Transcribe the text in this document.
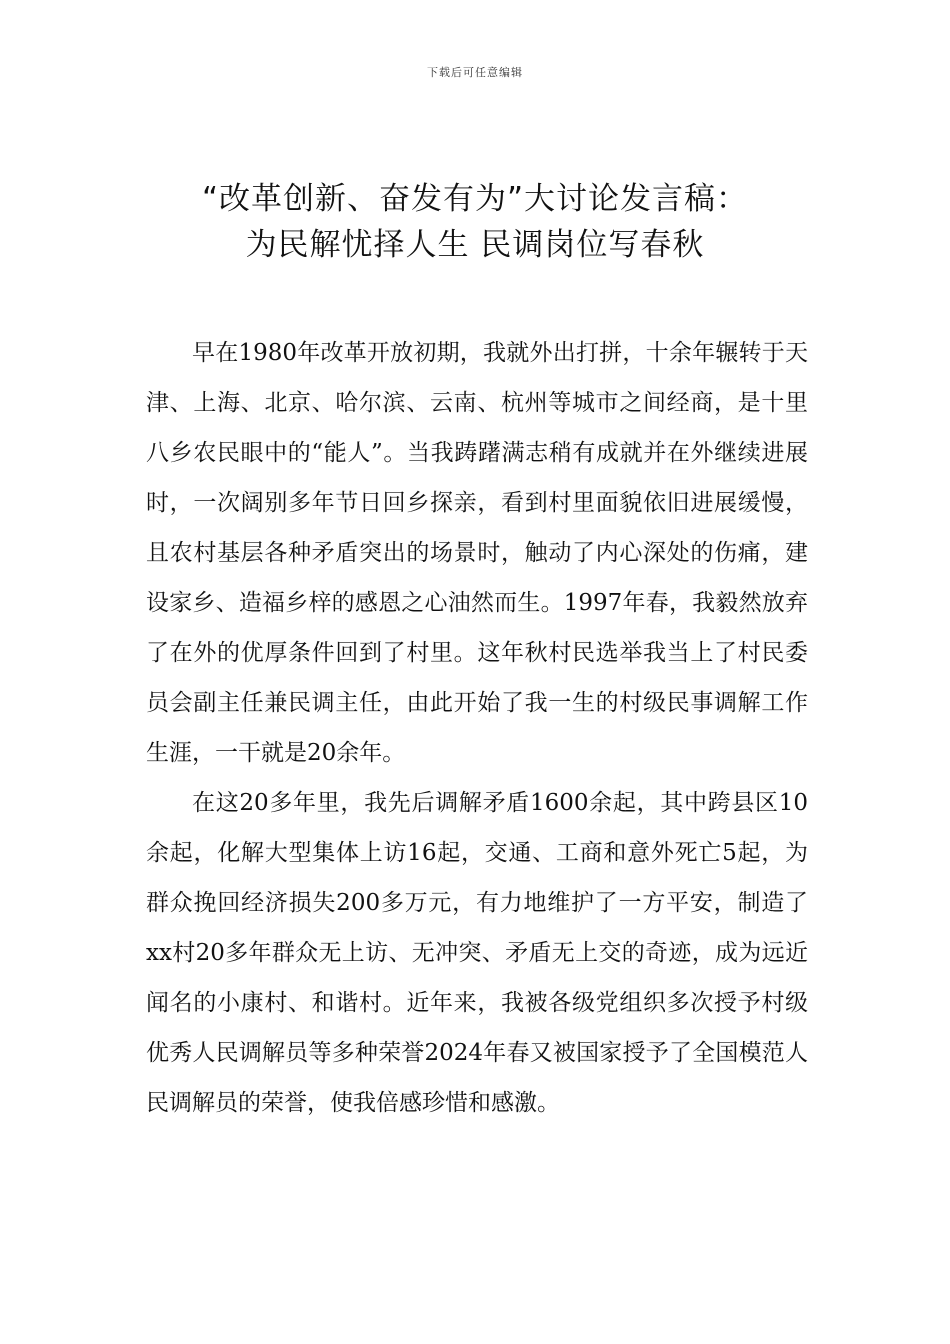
下载后可任意编辑
“改革创新、奋发有为”大讨论发言稿：
为民解忧择人生 民调岗位写春秋

早在1980年改革开放初期，我就外出打拼，十余年辗转于天津、上海、北京、哈尔滨、云南、杭州等城市之间经商，是十里八乡农民眼中的“能人”。当我踌躇满志稍有成就并在外继续进展时，一次阔别多年节日回乡探亲，看到村里面貌依旧进展缓慢，且农村基层各种矛盾突出的场景时，触动了内心深处的伤痛，建设家乡、造福乡梓的感恩之心油然而生。1997年春，我毅然放弃了在外的优厚条件回到了村里。这年秋村民选举我当上了村民委员会副主任兼民调主任，由此开始了我一生的村级民事调解工作生涯，一干就是20余年。

在这20多年里，我先后调解矛盾1600余起，其中跨县区10余起，化解大型集体上访16起，交通、工商和意外死亡5起，为群众挽回经济损失200多万元，有力地维护了一方平安，制造了xx村20多年群众无上访、无冲突、矛盾无上交的奇迹，成为远近闻名的小康村、和谐村。近年来，我被各级党组织多次授予村级优秀人民调解员等多种荣誉2024年春又被国家授予了全国模范人民调解员的荣誉，使我倍感珍惜和感激。
